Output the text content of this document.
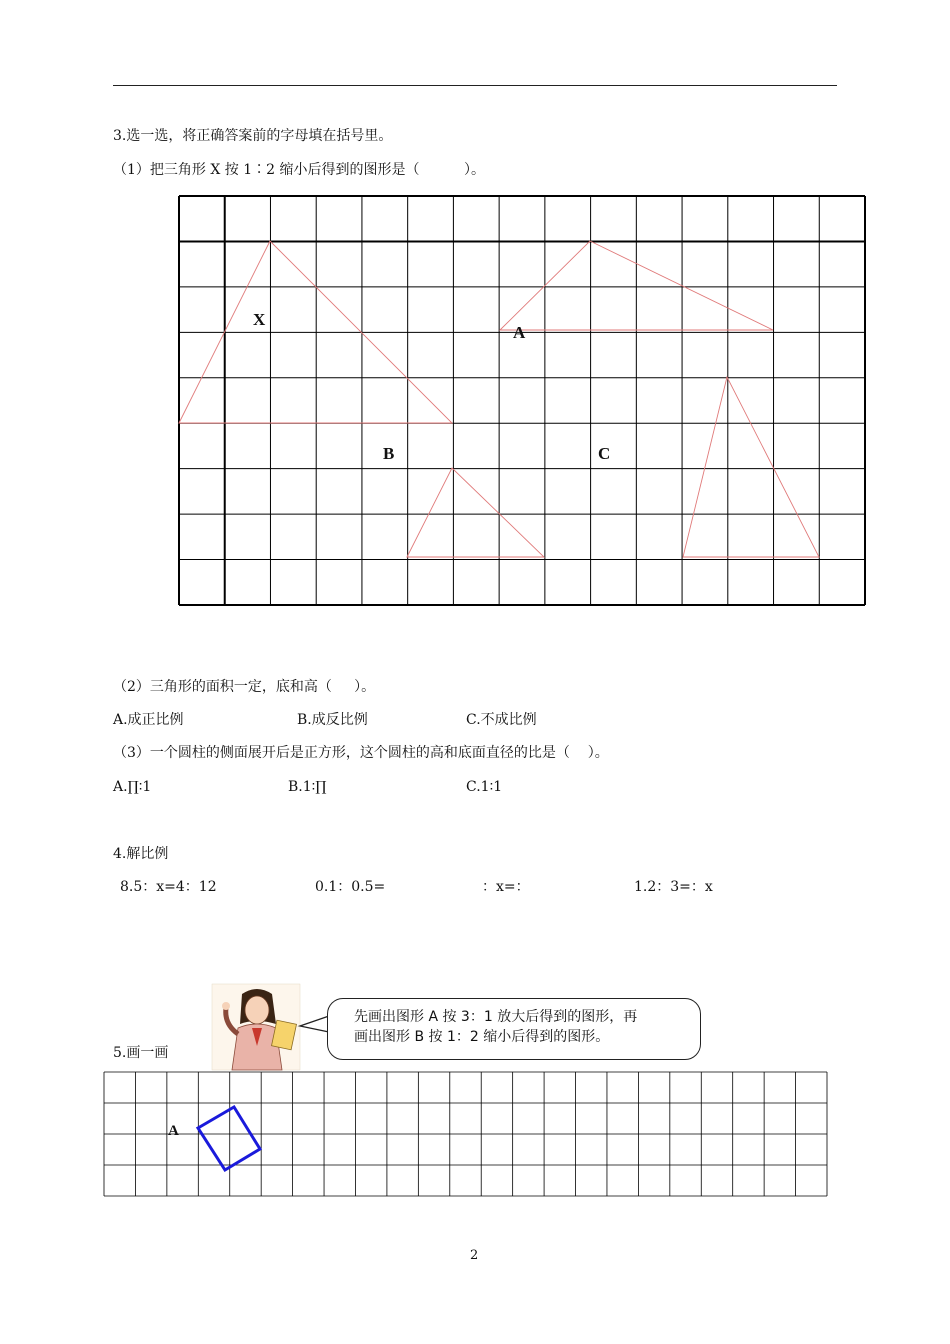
3.选一选，将正确答案前的字母填在括号里。
（1）把三角形 X 按 1∶2 缩小后得到的图形是（          ）。
X
A
B	C
（2）三角形的面积一定，底和高（     ）。
A.成正比例	B.成反比例	C.不成比例
（3）一个圆柱的侧面展开后是正方形，这个圆柱的高和底面直径的比是（    ）。
A.∏∶1	B.1∶∏	C.1∶1
4.解比例
8.5：x=4：12	0.1：0.5=	：x=：	1.2：3=：x
先画出图形 A 按 3：1 放大后得到的图形，再
画出图形 B 按 1：2 缩小后得到的图形。
5.画一画
A
2
